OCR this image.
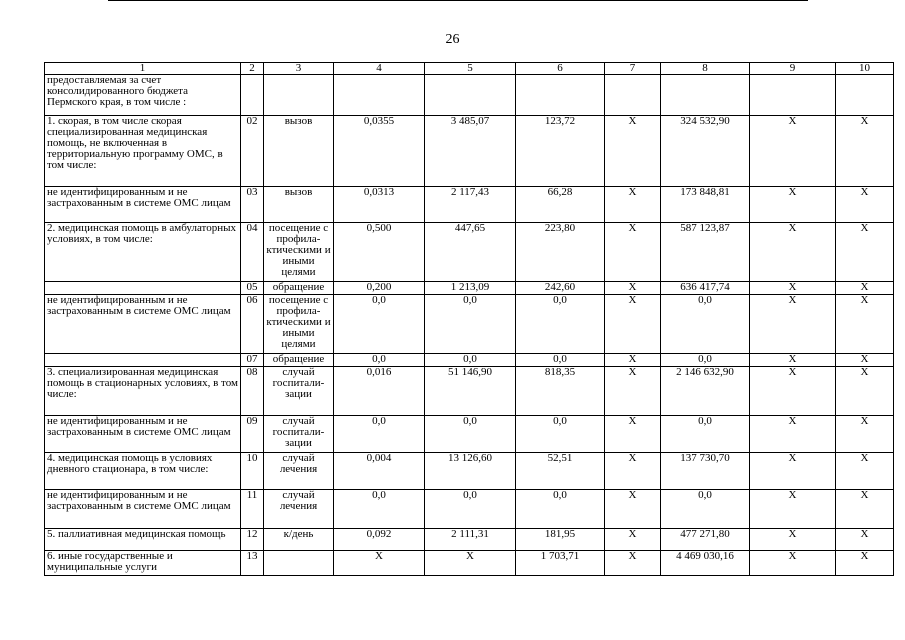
26
1	2	3	4	5	6	7	8	9	10
предоставляемая за счет консолидированного бюджета Пермского края, в том числе :									
1. скорая, в том числе скорая специализированная медицинская помощь, не включенная в территориальную программу ОМС, в том числе:	02	вызов	0,0355	3 485,07	123,72	X	324 532,90	X	X
не идентифицированным и не застрахованным в системе ОМС лицам	03	вызов	0,0313	2 117,43	66,28	X	173 848,81	X	X
2. медицинская помощь в амбулаторных условиях, в том числе:	04	посещение с профила-ктическими и иными целями	0,500	447,65	223,80	X	587 123,87	X	X
	05	обращение	0,200	1 213,09	242,60	X	636 417,74	X	X
не идентифицированным и не застрахованным в системе ОМС лицам	06	посещение с профила-ктическими и иными целями	0,0	0,0	0,0	X	0,0	X	X
	07	обращение	0,0	0,0	0,0	X	0,0	X	X
3. специализированная медицинская помощь в стационарных условиях, в том числе:	08	случай госпитали-зации	0,016	51 146,90	818,35	X	2 146 632,90	X	X
не идентифицированным и не застрахованным в системе ОМС лицам	09	случай госпитали-зации	0,0	0,0	0,0	X	0,0	X	X
4. медицинская помощь в условиях дневного стационара, в том числе:	10	случай лечения	0,004	13 126,60	52,51	X	137 730,70	X	X
не идентифицированным и не застрахованным в системе ОМС лицам	11	случай лечения	0,0	0,0	0,0	X	0,0	X	X
5. паллиативная медицинская помощь	12	к/день	0,092	2 111,31	181,95	X	477 271,80	X	X
6. иные государственные и муниципальные услуги	13		X	X	1 703,71	X	4 469 030,16	X	X
